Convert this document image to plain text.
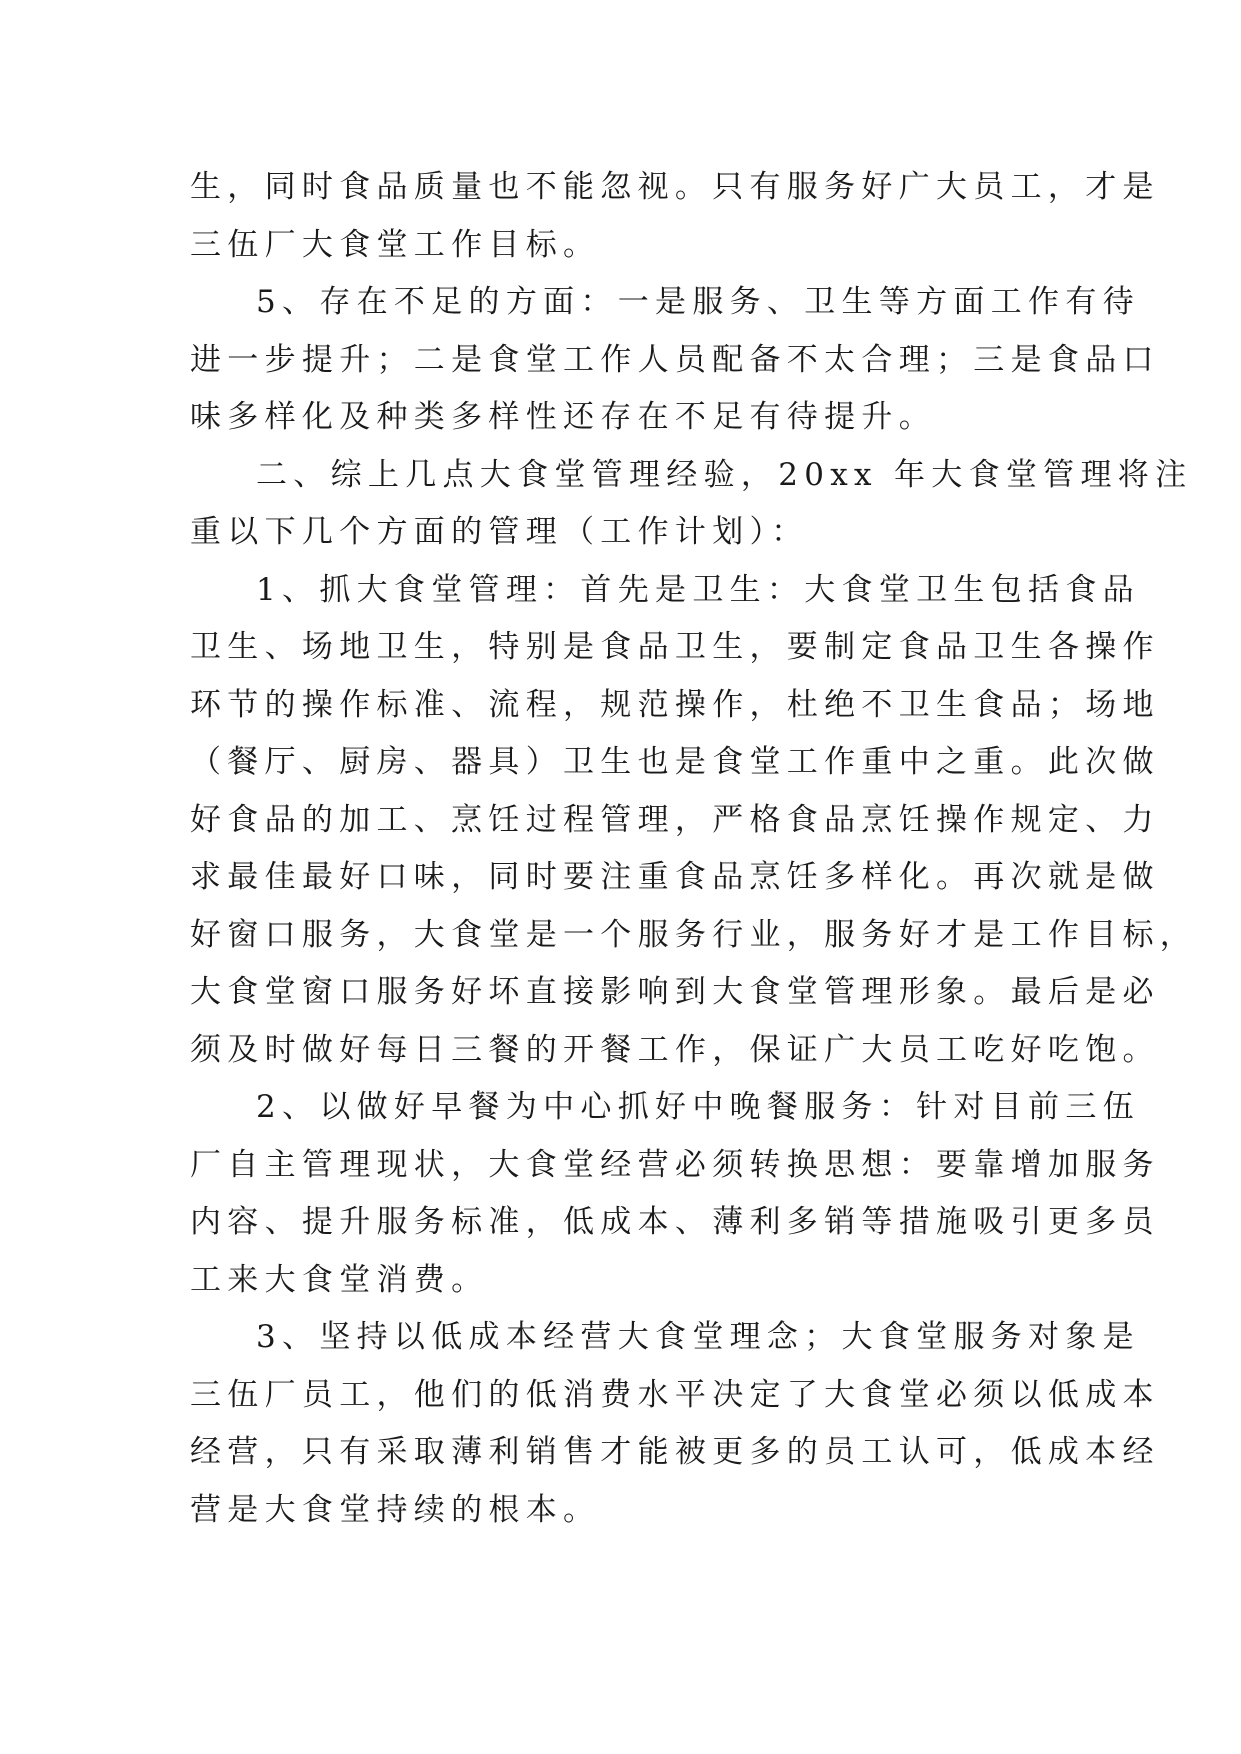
生，同时食品质量也不能忽视。只有服务好广大员工，才是
三伍厂大食堂工作目标。
5、存在不足的方面：一是服务、卫生等方面工作有待
进一步提升；二是食堂工作人员配备不太合理；三是食品口
味多样化及种类多样性还存在不足有待提升。
二、综上几点大食堂管理经验，20xx 年大食堂管理将注
重以下几个方面的管理（工作计划）：
1、抓大食堂管理：首先是卫生：大食堂卫生包括食品
卫生、场地卫生，特别是食品卫生，要制定食品卫生各操作
环节的操作标准、流程，规范操作，杜绝不卫生食品；场地
（餐厅、厨房、器具）卫生也是食堂工作重中之重。此次做
好食品的加工、烹饪过程管理，严格食品烹饪操作规定、力
求最佳最好口味，同时要注重食品烹饪多样化。再次就是做
好窗口服务，大食堂是一个服务行业，服务好才是工作目标，
大食堂窗口服务好坏直接影响到大食堂管理形象。最后是必
须及时做好每日三餐的开餐工作，保证广大员工吃好吃饱。
2、以做好早餐为中心抓好中晚餐服务：针对目前三伍
厂自主管理现状，大食堂经营必须转换思想：要靠增加服务
内容、提升服务标准，低成本、薄利多销等措施吸引更多员
工来大食堂消费。
3、坚持以低成本经营大食堂理念；大食堂服务对象是
三伍厂员工，他们的低消费水平决定了大食堂必须以低成本
经营，只有采取薄利销售才能被更多的员工认可，低成本经
营是大食堂持续的根本。
